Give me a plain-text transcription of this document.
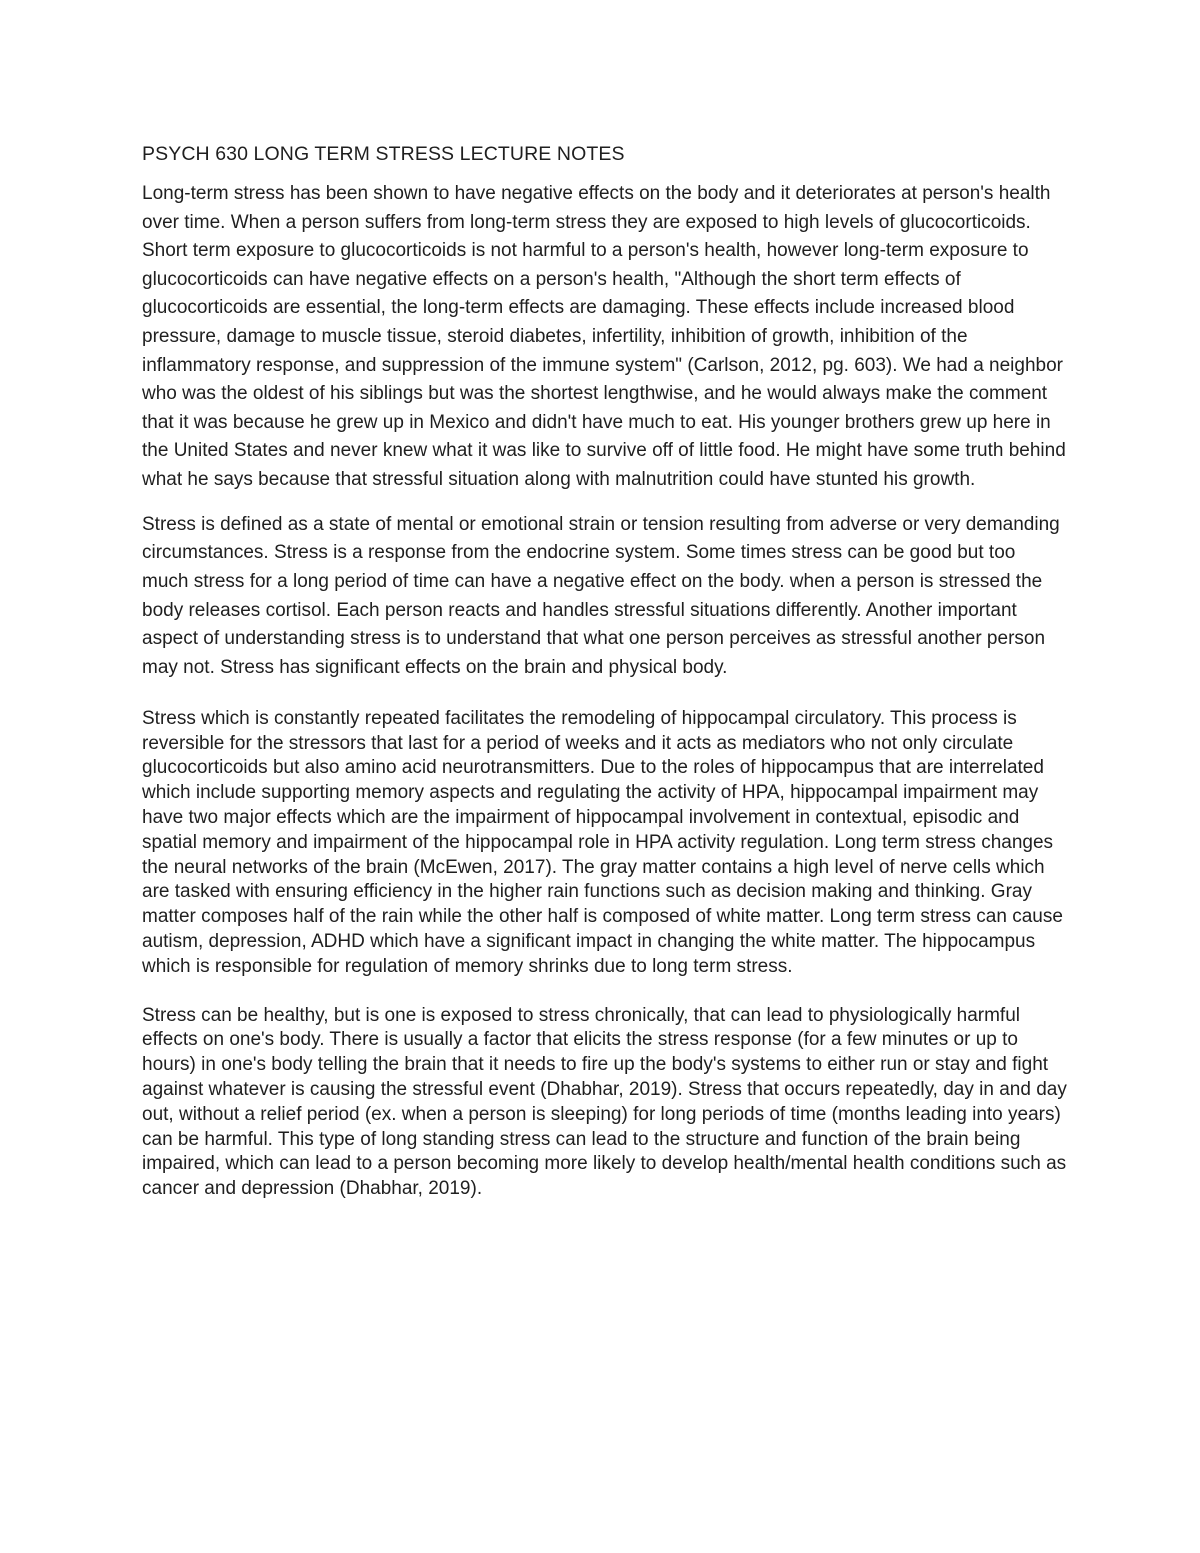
PSYCH 630 LONG TERM STRESS LECTURE NOTES

Long-term stress has been shown to have negative effects on the body and it deteriorates at person's health over time. When a person suffers from long-term stress they are exposed to high levels of glucocorticoids. Short term exposure to glucocorticoids is not harmful to a person's health, however long-term exposure to glucocorticoids can have negative effects on a person's health, "Although the short term effects of glucocorticoids are essential, the long-term effects are damaging. These effects include increased blood pressure, damage to muscle tissue, steroid diabetes, infertility, inhibition of growth, inhibition of the inflammatory response, and suppression of the immune system" (Carlson, 2012, pg. 603). We had a neighbor who was the oldest of his siblings but was the shortest lengthwise, and he would always make the comment that it was because he grew up in Mexico and didn't have much to eat. His younger brothers grew up here in the United States and never knew what it was like to survive off of little food. He might have some truth behind what he says because that stressful situation along with malnutrition could have stunted his growth.

Stress is defined as a state of mental or emotional strain or tension resulting from adverse or very demanding circumstances. Stress is a response from the endocrine system. Some times stress can be good but too much stress for a long period of time can have a negative effect on the body. when a person is stressed the body releases cortisol. Each person reacts and handles stressful situations differently. Another important aspect of understanding stress is to understand that what one person perceives as stressful another person may not. Stress has significant effects on the brain and physical body.

Stress which is constantly repeated facilitates the remodeling of hippocampal circulatory. This process is reversible for the stressors that last for a period of weeks and it acts as mediators who not only circulate glucocorticoids but also amino acid neurotransmitters. Due to the roles of hippocampus that are interrelated which include supporting memory aspects and regulating the activity of HPA, hippocampal impairment may have two major effects which are the impairment of hippocampal involvement in contextual, episodic and spatial memory and impairment of the hippocampal role in HPA activity regulation. Long term stress changes the neural networks of the brain (McEwen, 2017). The gray matter contains a high level of nerve cells which are tasked with ensuring efficiency in the higher rain functions such as decision making and thinking. Gray matter composes half of the rain while the other half is composed of white matter. Long term stress can cause autism, depression, ADHD which have a significant impact in changing the white matter. The hippocampus which is responsible for regulation of memory shrinks due to long term stress.

Stress can be healthy, but is one is exposed to stress chronically, that can lead to physiologically harmful effects on one's body. There is usually a factor that elicits the stress response (for a few minutes or up to hours) in one's body telling the brain that it needs to fire up the body's systems to either run or stay and fight against whatever is causing the stressful event (Dhabhar, 2019). Stress that occurs repeatedly, day in and day out, without a relief period (ex. when a person is sleeping) for long periods of time (months leading into years) can be harmful. This type of long standing stress can lead to the structure and function of the brain being impaired, which can lead to a person becoming more likely to develop health/mental health conditions such as cancer and depression (Dhabhar, 2019).
